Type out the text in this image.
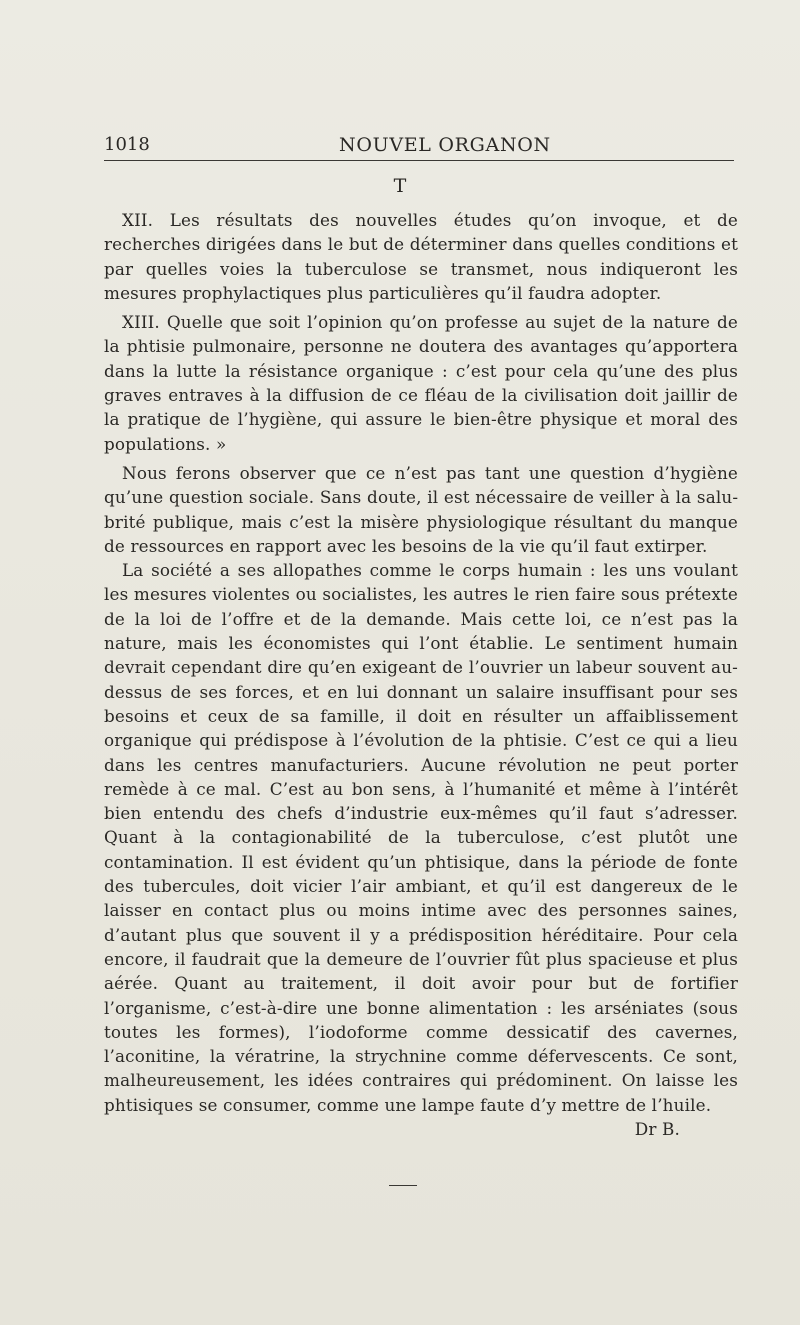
1018	NOUVEL ORGANON
T

XII. Les résultats des nouvelles études qu’on invoque, et de recherches dirigées dans le but de déterminer dans quelles conditions et par quelles voies la tuberculose se transmet, nous indiqueront les mesures prophylactiques plus particulières qu’il faudra adopter.

XIII. Quelle que soit l’opinion qu’on professe au sujet de la nature de la phtisie pulmonaire, personne ne doutera des avantages qu’apportera dans la lutte la résistance organique : c’est pour cela qu’une des plus graves entraves à la diffusion de ce fléau de la civilisation doit jaillir de la pratique de l’hygiène, qui assure le bien-être physique et moral des populations. »

Nous ferons observer que ce n’est pas tant une question d’hygiène qu’une question sociale. Sans doute, il est nécessaire de veiller à la salubrité publique, mais c’est la misère physiologique résultant du manque de ressources en rapport avec les besoins de la vie qu’il faut extirper.

La société a ses allopathes comme le corps humain : les uns voulant les mesures violentes ou socialistes, les autres le rien faire sous prétexte de la loi de l’offre et de la demande. Mais cette loi, ce n’est pas la nature, mais les économistes qui l’ont établie. Le sentiment humain devrait cependant dire qu’en exigeant de l’ouvrier un labeur souvent au-dessus de ses forces, et en lui donnant un salaire insuffisant pour ses besoins et ceux de sa famille, il doit en résulter un affaiblissement organique qui prédispose à l’évolution de la phtisie. C’est ce qui a lieu dans les centres manufacturiers. Aucune révolution ne peut porter remède à ce mal. C’est au bon sens, à l’humanité et même à l’intérêt bien entendu des chefs d’industrie eux-mêmes qu’il faut s’adresser. Quant à la contagionabilité de la tuberculose, c’est plutôt une contamination. Il est évident qu’un phtisique, dans la période de fonte des tubercules, doit vicier l’air ambiant, et qu’il est dangereux de le laisser en contact plus ou moins intime avec des personnes saines, d’autant plus que souvent il y a prédisposition héréditaire. Pour cela encore, il faudrait que la demeure de l’ouvrier fût plus spacieuse et plus aérée. Quant au traitement, il doit avoir pour but de fortifier l’organisme, c’est-à-dire une bonne alimentation : les arséniates (sous toutes les formes), l’iodoforme comme dessicatif des cavernes, l’aconitine, la vératrine, la strychnine comme défervescents. Ce sont, malheureusement, les idées contraires qui prédominent. On laisse les phtisiques se consumer, comme une lampe faute d’y mettre de l’huile.

Dr B.
